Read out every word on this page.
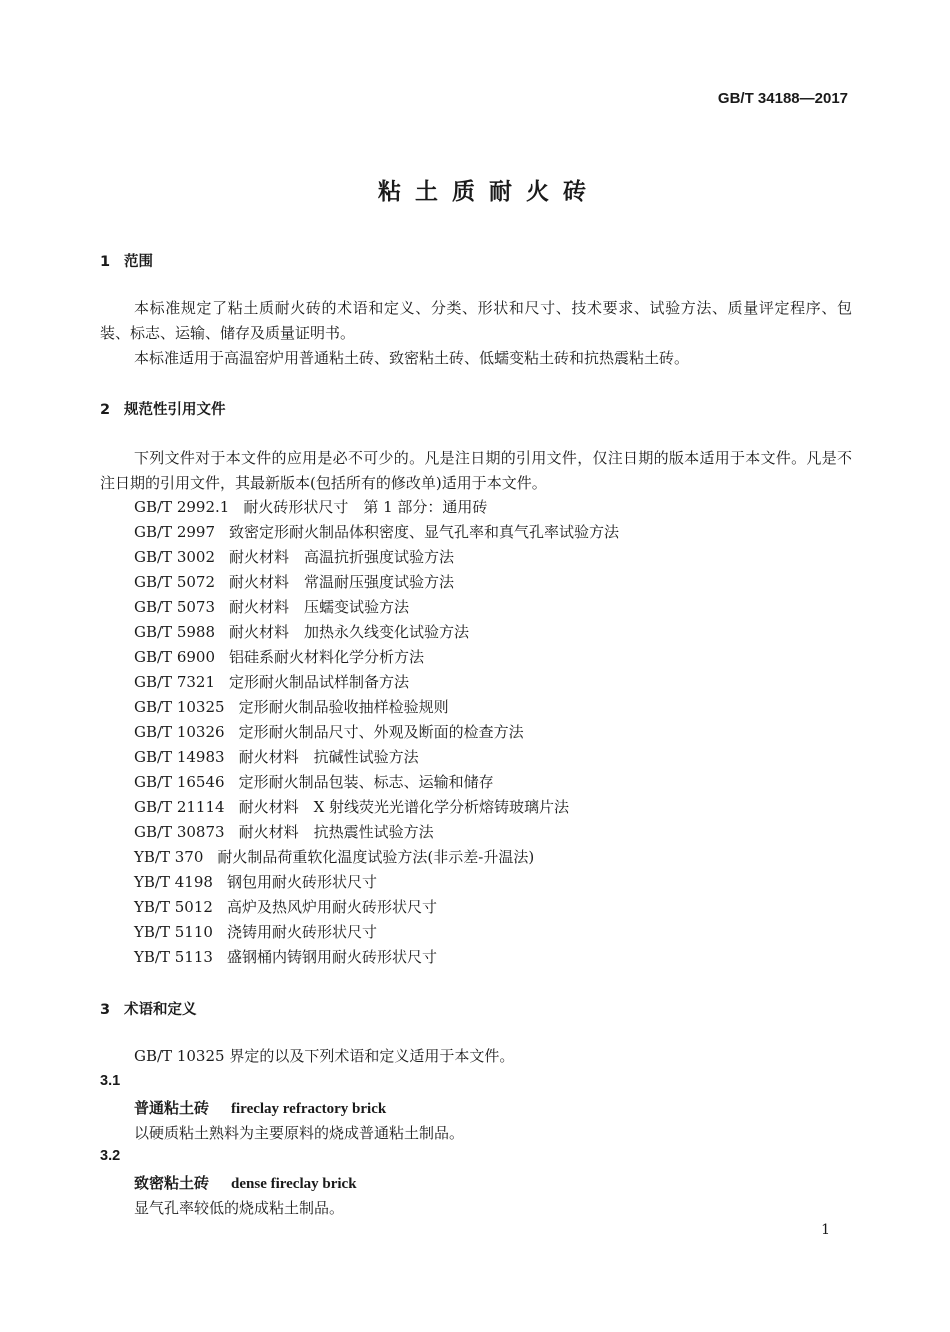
GB/T 34188—2017
粘土质耐火砖
1 范围
本标准规定了粘土质耐火砖的术语和定义、分类、形状和尺寸、技术要求、试验方法、质量评定程序、包装、标志、运输、储存及质量证明书。
本标准适用于高温窑炉用普通粘土砖、致密粘土砖、低蠕变粘土砖和抗热震粘土砖。
2 规范性引用文件
下列文件对于本文件的应用是必不可少的。凡是注日期的引用文件，仅注日期的版本适用于本文件。凡是不注日期的引用文件，其最新版本(包括所有的修改单)适用于本文件。
GB/T 2992.1 耐火砖形状尺寸　第 1 部分：通用砖
GB/T 2997 致密定形耐火制品体积密度、显气孔率和真气孔率试验方法
GB/T 3002 耐火材料　高温抗折强度试验方法
GB/T 5072 耐火材料　常温耐压强度试验方法
GB/T 5073 耐火材料　压蠕变试验方法
GB/T 5988 耐火材料　加热永久线变化试验方法
GB/T 6900 铝硅系耐火材料化学分析方法
GB/T 7321 定形耐火制品试样制备方法
GB/T 10325 定形耐火制品验收抽样检验规则
GB/T 10326 定形耐火制品尺寸、外观及断面的检查方法
GB/T 14983 耐火材料　抗碱性试验方法
GB/T 16546 定形耐火制品包装、标志、运输和储存
GB/T 21114 耐火材料　X 射线荧光光谱化学分析熔铸玻璃片法
GB/T 30873 耐火材料　抗热震性试验方法
YB/T 370 耐火制品荷重软化温度试验方法(非示差-升温法)
YB/T 4198 钢包用耐火砖形状尺寸
YB/T 5012 高炉及热风炉用耐火砖形状尺寸
YB/T 5110 浇铸用耐火砖形状尺寸
YB/T 5113 盛钢桶内铸钢用耐火砖形状尺寸
3 术语和定义
GB/T 10325 界定的以及下列术语和定义适用于本文件。
3.1
普通粘土砖 fireclay refractory brick
以硬质粘土熟料为主要原料的烧成普通粘土制品。
3.2
致密粘土砖 dense fireclay brick
显气孔率较低的烧成粘土制品。
1
